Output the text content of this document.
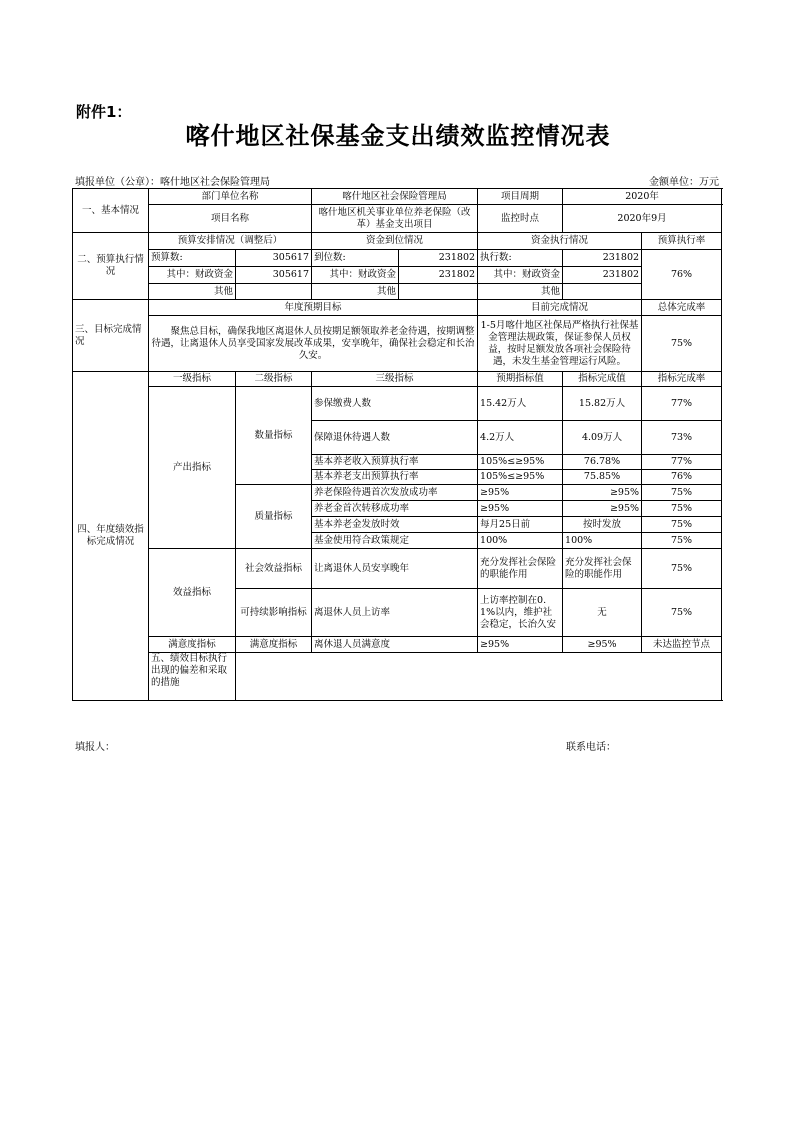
附件1：
喀什地区社保基金支出绩效监控情况表
填报单位（公章）：喀什地区社会保险管理局	金额单位：万元
一、基本情况	部门单位名称		喀什地区社会保险管理局		项目周期	2020年	
	项目名称		喀什地区机关事业单位养老保险（改革）基金支出项目		监控时点	2020年9月	
二、预算执行情况	预算安排情况（调整后）		资金到位情况		资金执行情况		预算执行率
	预算数:	305617	到位数:	231802	执行数:	231802	76%
	其中：财政资金	305617	其中：财政资金	231802	其中：财政资金	231802	
	其他		其他		其他		
三、目标完成情况	年度预期目标				目前完成情况		总体完成率
	聚焦总目标，确保我地区离退休人员按期足额领取养老金待遇，按期调整待遇，让离退休人员享受国家发展改革成果，安享晚年，确保社会稳定和长治久安。				1-5月喀什地区社保局严格执行社保基金管理法规政策，保证参保人员权益，按时足额发放各项社会保险待遇，未发生基金管理运行风险。		75%
四、年度绩效指标完成情况	一级指标	二级指标	三级指标		预期指标值	指标完成值	指标完成率
	产出指标	数量指标	参保缴费人数		15.42万人	15.82万人	77%
			保障退休待遇人数		4.2万人	4.09万人	73%
			基本养老收入预算执行率		105%≤≥95%	76.78%	77%
			基本养老支出预算执行率		105%≤≥95%	75.85%	76%
		质量指标	养老保险待遇首次发放成功率		≥95%	≥95%	75%
			养老金首次转移成功率		≥95%	≥95%	75%
			基本养老金发放时效		每月25日前	按时发放	75%
			基金使用符合政策规定		100%	100%	75%
	效益指标	社会效益指标	让离退休人员安享晚年		充分发挥社会保险的职能作用	充分发挥社会保险的职能作用	75%
		可持续影响指标	离退休人员上访率		上访率控制在0.1%以内，维护社会稳定，长治久安	无	75%
	满意度指标	满意度指标	离休退人员满意度		≥95%	≥95%	未达监控节点

	五、绩效目标执行出现的偏差和采取的措施						

填报人：	联系电话：
